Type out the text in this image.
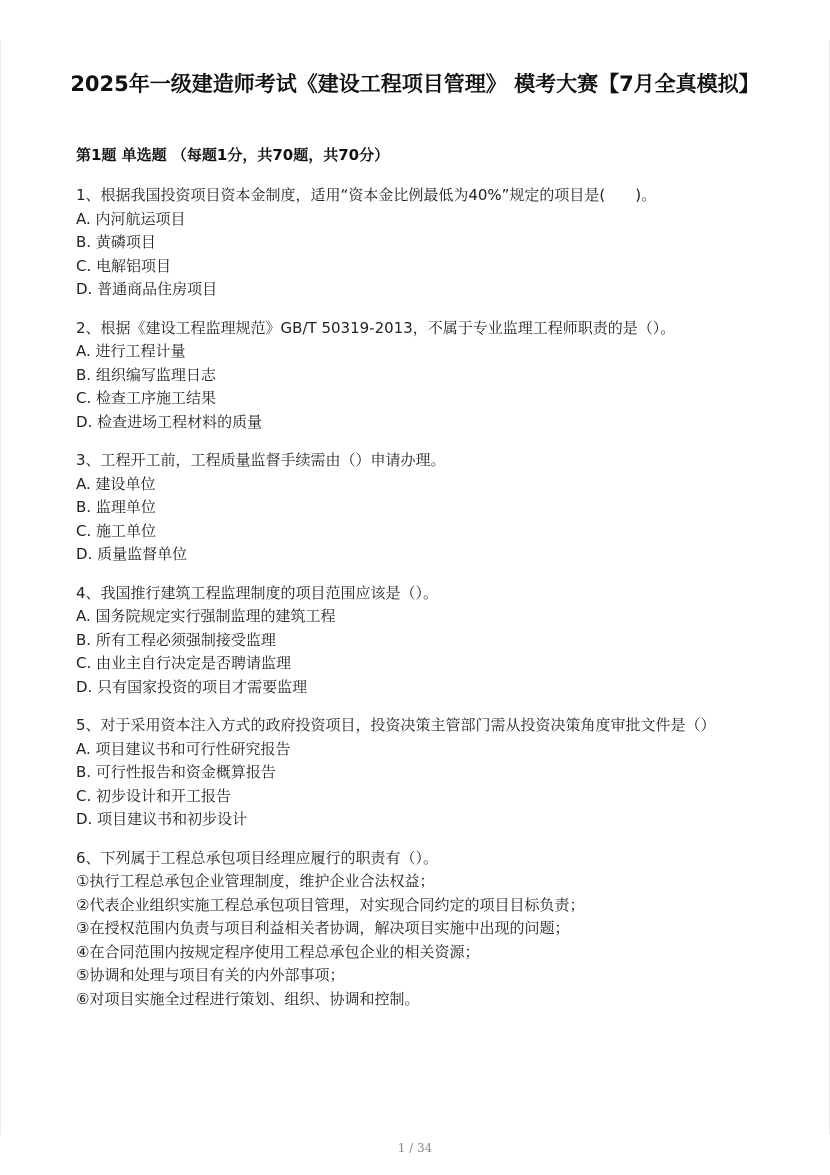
2025年一级建造师考试《建设工程项目管理》 模考大赛【7月全真模拟】
第1题 单选题 （每题1分，共70题，共70分）
1、根据我国投资项目资本金制度，适用“资本金比例最低为40%”规定的项目是(　　)。
A. 内河航运项目
B. 黄磷项目
C. 电解铝项目
D. 普通商品住房项目
2、根据《建设工程监理规范》GB/T 50319-2013，不属于专业监理工程师职责的是（）。
A. 进行工程计量
B. 组织编写监理日志
C. 检查工序施工结果
D. 检查进场工程材料的质量
3、工程开工前，工程质量监督手续需由（）申请办理。
A. 建设单位
B. 监理单位
C. 施工单位
D. 质量监督单位
4、我国推行建筑工程监理制度的项目范围应该是（）。
A. 国务院规定实行强制监理的建筑工程
B. 所有工程必须强制接受监理
C. 由业主自行决定是否聘请监理
D. 只有国家投资的项目才需要监理
5、对于采用资本注入方式的政府投资项目，投资决策主管部门需从投资决策角度审批文件是（）
A. 项目建议书和可行性研究报告
B. 可行性报告和资金概算报告
C. 初步设计和开工报告
D. 项目建议书和初步设计
6、下列属于工程总承包项目经理应履行的职责有（）。
①执行工程总承包企业管理制度，维护企业合法权益；
②代表企业组织实施工程总承包项目管理，对实现合同约定的项目目标负责；
③在授权范围内负责与项目利益相关者协调，解决项目实施中出现的问题；
④在合同范围内按规定程序使用工程总承包企业的相关资源；
⑤协调和处理与项目有关的内外部事项；
⑥对项目实施全过程进行策划、组织、协调和控制。
1 / 34
